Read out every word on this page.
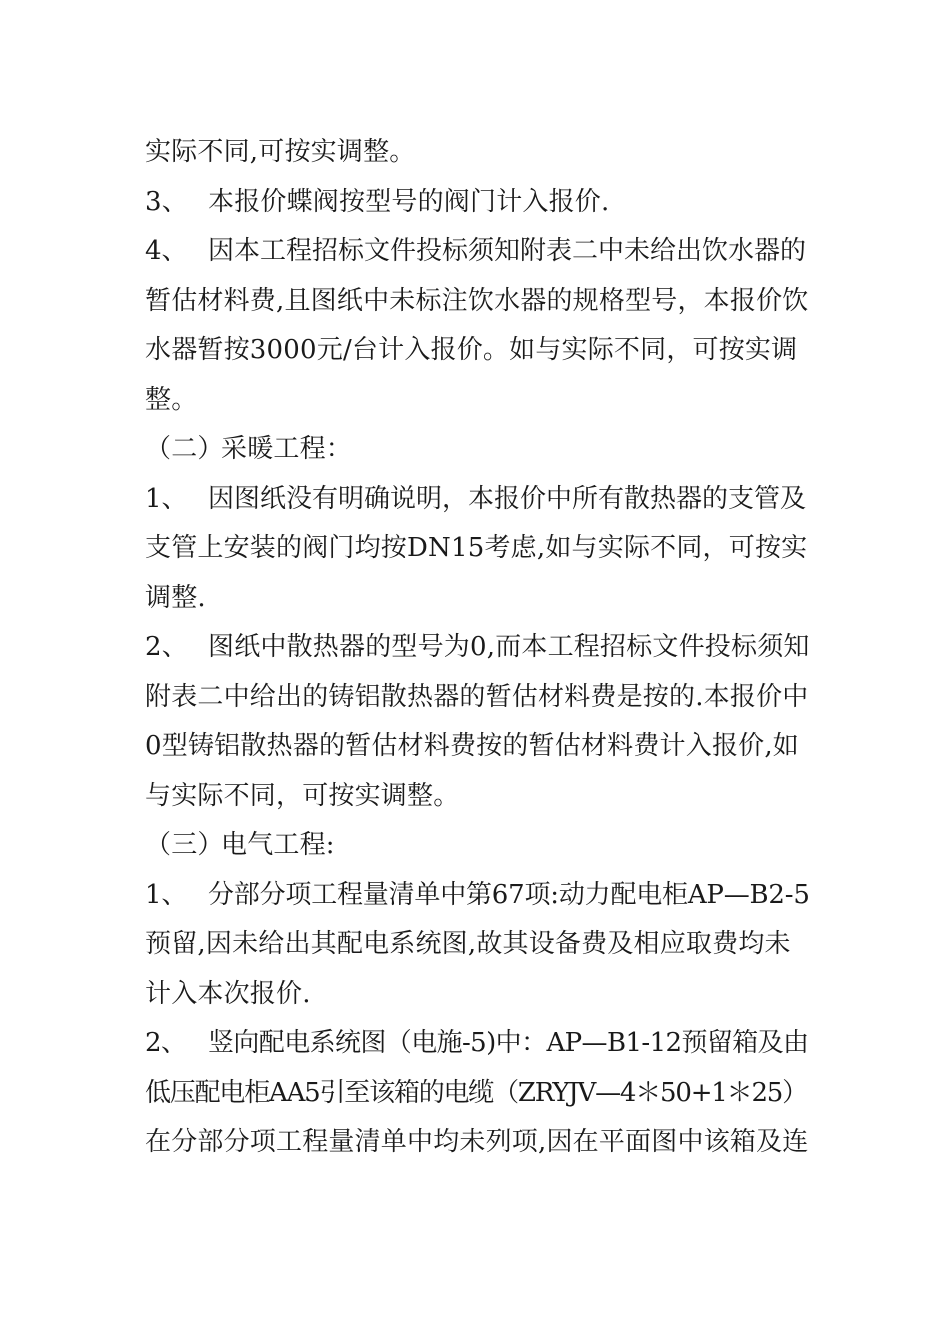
实际不同,可按实调整。
3、 本报价蝶阀按型号的阀门计入报价.
4、 因本工程招标文件投标须知附表二中未给出饮水器的
暂估材料费,且图纸中未标注饮水器的规格型号，本报价饮
水器暂按3000元/台计入报价。如与实际不同，可按实调
整。
（二）采暖工程：
1、 因图纸没有明确说明，本报价中所有散热器的支管及
支管上安装的阀门均按DN15考虑,如与实际不同，可按实
调整.
2、 图纸中散热器的型号为0,而本工程招标文件投标须知
附表二中给出的铸铝散热器的暂估材料费是按的.本报价中
0型铸铝散热器的暂估材料费按的暂估材料费计入报价,如
与实际不同，可按实调整。
（三）电气工程:
1、 分部分项工程量清单中第67项:动力配电柜AP—B2-5
预留,因未给出其配电系统图,故其设备费及相应取费均未
计入本次报价.
2、 竖向配电系统图（电施-5)中：AP—B1-12预留箱及由
低压配电柜AA5引至该箱的电缆（ZRYJV—4＊50+1＊25）
在分部分项工程量清单中均未列项,因在平面图中该箱及连
